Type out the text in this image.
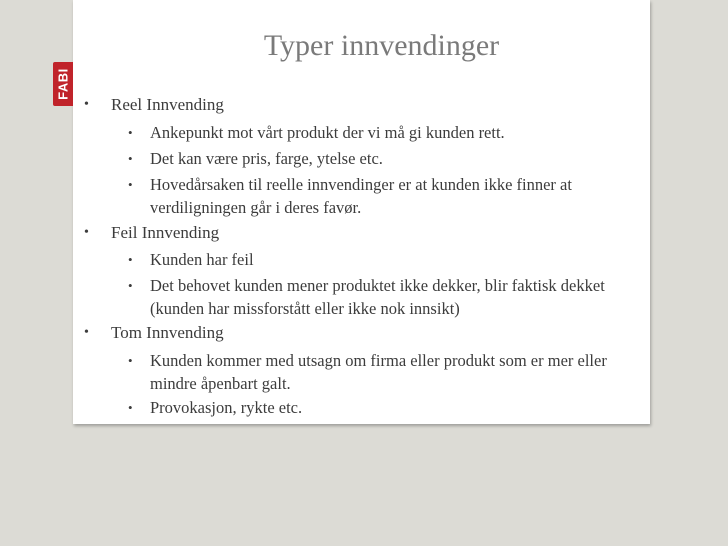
Typer innvendinger
• Reel Innvending
• Ankepunkt mot vårt produkt der vi må gi kunden rett.
• Det kan være pris, farge, ytelse etc.
• Hovedårsaken til reelle innvendinger er at kunden ikke finner at verdiligningen går i deres favør.
• Feil Innvending
• Kunden har feil
• Det behovet kunden mener produktet ikke dekker, blir faktisk dekket (kunden har missforstått eller ikke nok innsikt)
• Tom Innvending
• Kunden kommer med utsagn om firma eller produkt som er mer eller mindre åpenbart galt.
• Provokasjon, rykte etc.
FABI
